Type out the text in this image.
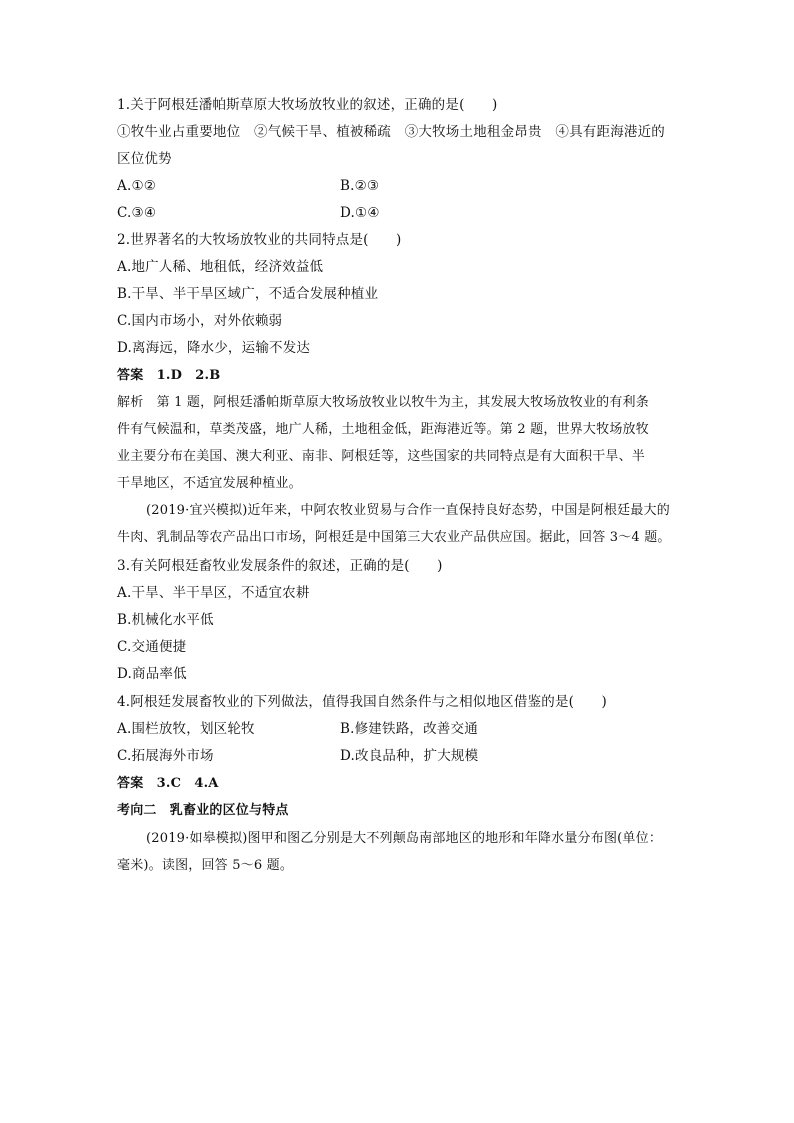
1.关于阿根廷潘帕斯草原大牧场放牧业的叙述，正确的是(　　)
①牧牛业占重要地位　②气候干旱、植被稀疏　③大牧场土地租金昂贵　④具有距海港近的
区位优势
A.①②	B.②③
C.③④	D.①④
2.世界著名的大牧场放牧业的共同特点是(　　)
A.地广人稀、地租低，经济效益低
B.干旱、半干旱区域广，不适合发展种植业
C.国内市场小，对外依赖弱
D.离海远，降水少，运输不发达
答案　1.D　2.B
解析　第 1 题，阿根廷潘帕斯草原大牧场放牧业以牧牛为主，其发展大牧场放牧业的有利条
件有气候温和，草类茂盛，地广人稀，土地租金低，距海港近等。第 2 题，世界大牧场放牧
业主要分布在美国、澳大利亚、南非、阿根廷等，这些国家的共同特点是有大面积干旱、半
干旱地区，不适宜发展种植业。
(2019·宜兴模拟)近年来，中阿农牧业贸易与合作一直保持良好态势，中国是阿根廷最大的
牛肉、乳制品等农产品出口市场，阿根廷是中国第三大农业产品供应国。据此，回答 3～4 题。
3.有关阿根廷畜牧业发展条件的叙述，正确的是(　　)
A.干旱、半干旱区，不适宜农耕
B.机械化水平低
C.交通便捷
D.商品率低
4.阿根廷发展畜牧业的下列做法，值得我国自然条件与之相似地区借鉴的是(　　)
A.围栏放牧，划区轮牧	B.修建铁路，改善交通
C.拓展海外市场	D.改良品种，扩大规模
答案　3.C　4.A
考向二　乳畜业的区位与特点
(2019·如皋模拟)图甲和图乙分别是大不列颠岛南部地区的地形和年降水量分布图(单位：
毫米)。读图，回答 5～6 题。
